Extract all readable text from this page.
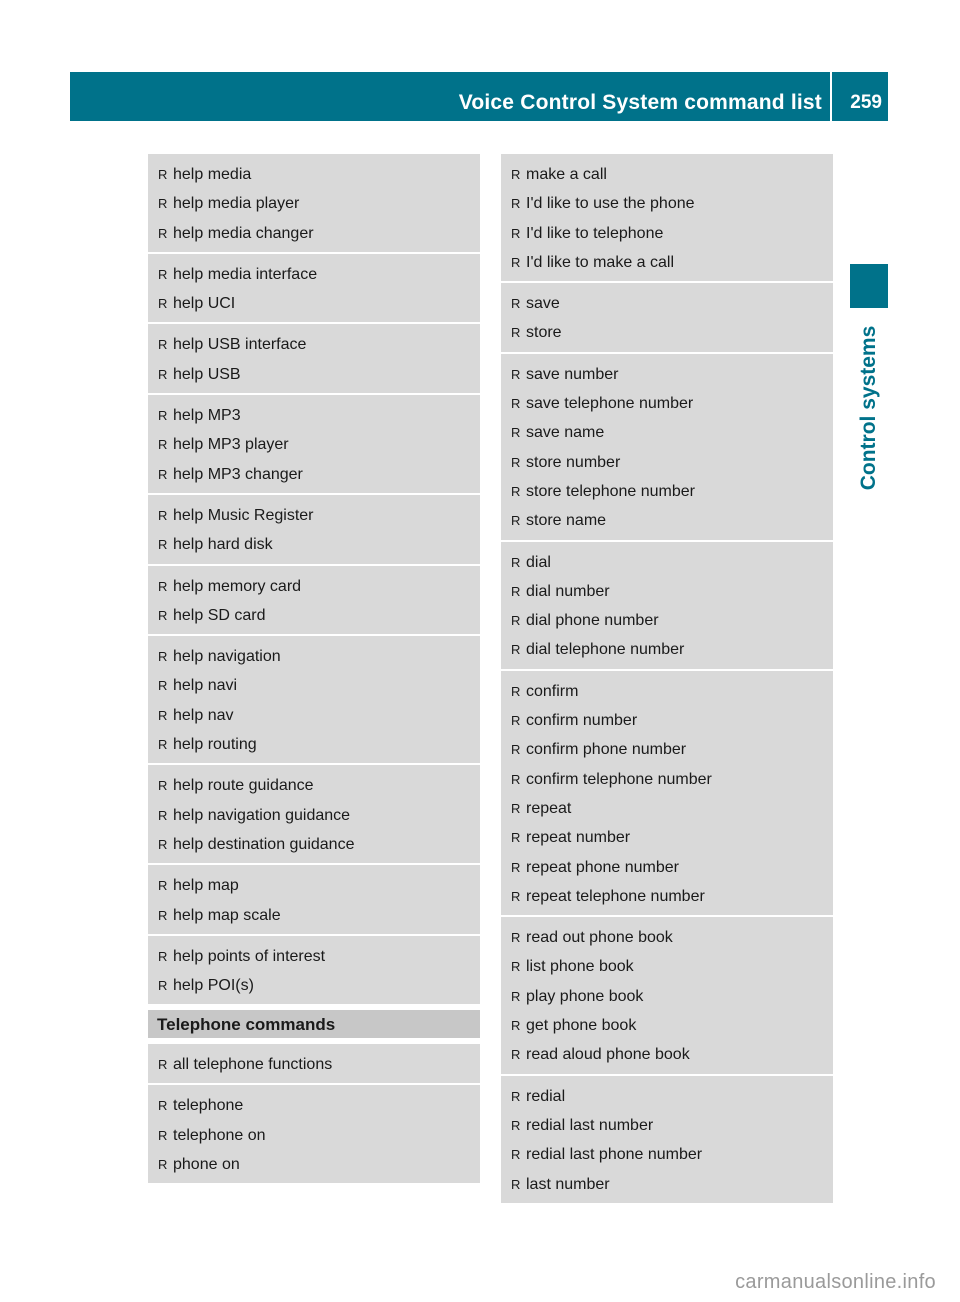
Voice Control System command list 259
Control systems
R help media
R help media player
R help media changer
R help media interface
R help UCI
R help USB interface
R help USB
R help MP3
R help MP3 player
R help MP3 changer
R help Music Register
R help hard disk
R help memory card
R help SD card
R help navigation
R help navi
R help nav
R help routing
R help route guidance
R help navigation guidance
R help destination guidance
R help map
R help map scale
R help points of interest
R help POI(s)
Telephone commands
R all telephone functions
R telephone
R telephone on
R phone on
R make a call
R I'd like to use the phone
R I'd like to telephone
R I'd like to make a call
R save
R store
R save number
R save telephone number
R save name
R store number
R store telephone number
R store name
R dial
R dial number
R dial phone number
R dial telephone number
R confirm
R confirm number
R confirm phone number
R confirm telephone number
R repeat
R repeat number
R repeat phone number
R repeat telephone number
R read out phone book
R list phone book
R play phone book
R get phone book
R read aloud phone book
R redial
R redial last number
R redial last phone number
R last number
carmanualsonline.info
